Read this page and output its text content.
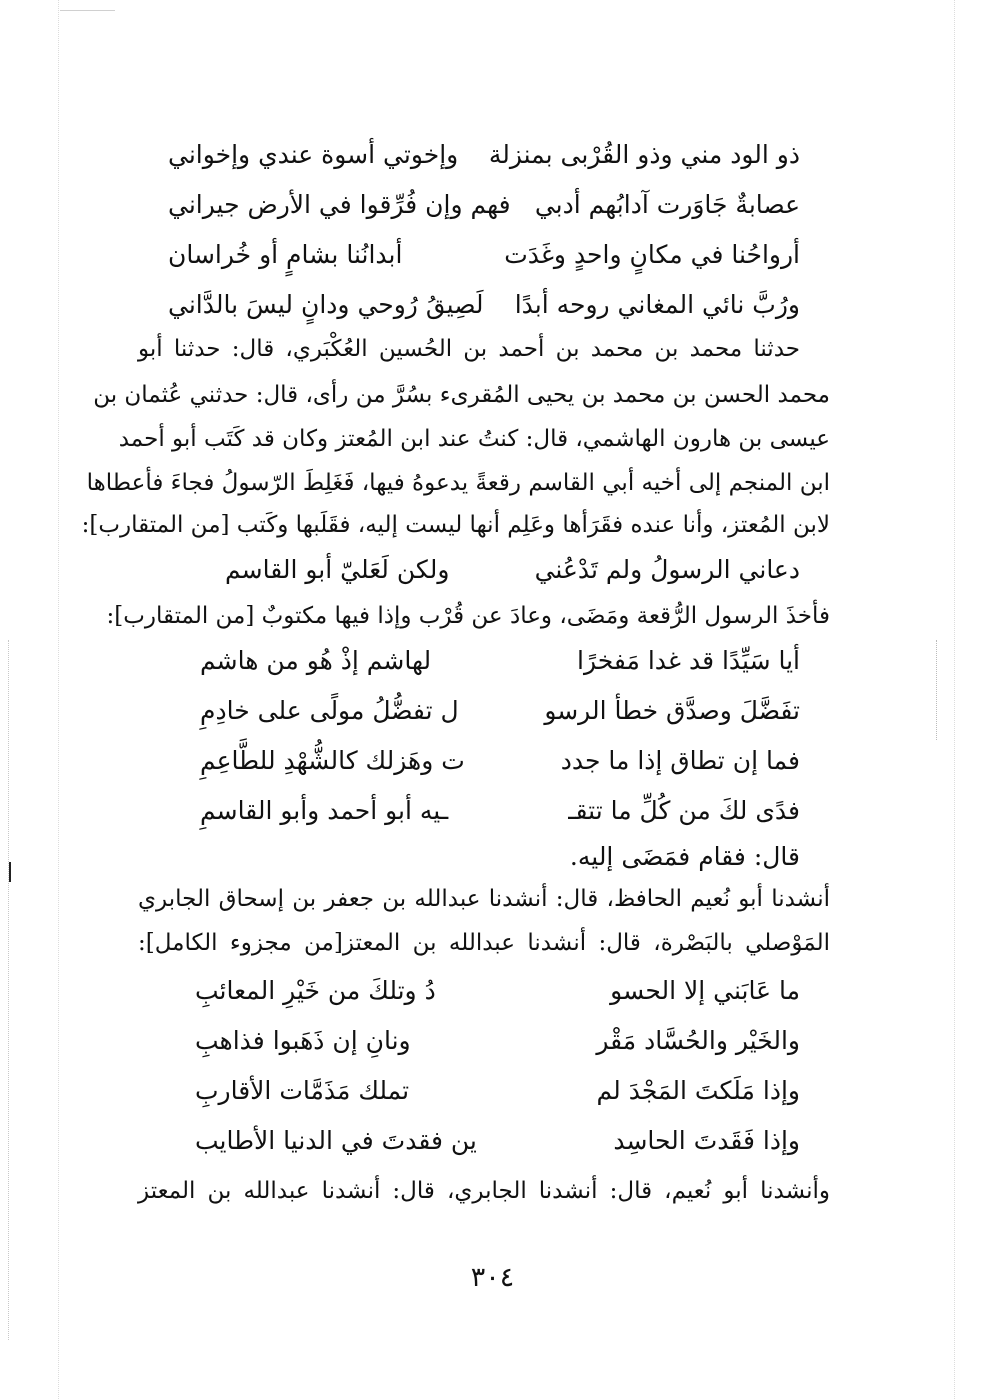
ذو الود مني وذو القُرْبى بمنزلة
وإخوتي أسوة عندي وإخواني
عصابةٌ جَاوَرت آدابُهم أدبي
فهم وإن فُرِّقوا في الأرض جيراني
أرواحُنا في مكانٍ واحدٍ وغَدَت
أبدانُنا بشامٍ أو خُراسان
ورُبَّ نائي المغاني روحه أبدًا
لَصِيقُ رُوحي ودانٍ ليسَ بالدَّاني
حدثنا محمد بن محمد بن أحمد بن الحُسين العُكْبَري، قال: حدثنا أبو
محمد الحسن بن محمد بن يحيى المُقرىء بسُرَّ من رأى، قال: حدثني عُثمان بن
عيسى بن هارون الهاشمي، قال: كنتُ عند ابن المُعتز وكان قد كَتَب أبو أحمد
ابن المنجم إلى أخيه أبي القاسم رقعةً يدعوهُ فيها، فَغَلِطَ الرّسولُ فجاءَ فأعطاها
لابن المُعتز، وأنا عنده فقَرَأها وعَلِم أنها ليست إليه، فقَلَبها وكَتب [من المتقارب]:
دعاني الرسولُ ولم تَدْعُني
ولكن لَعَليّ أبو القاسم
فأخذَ الرسول الرُّقعة ومَضَى، وعادَ عن قُرْب وإذا فيها مكتوبٌ [من المتقارب]:
أيا سَيِّدًا قد غدا مَفخرًا
لهاشم إذْ هُو من هاشم
تفَضَّلَ وصدَّق خطأ الرسو
ل تفضُّلُ مولًى على خادِمِ
فما إن تطاق إذا ما جدد
ت وهَزلك كالشُّهْدِ للطَّاعِمِ
فدًى لكَ من كُلِّ ما تتقـ
ـيه أبو أحمد وأبو القاسمِ
قال: فقام فمَضَى إليه.
أنشدنا أبو نُعيم الحافظ، قال: أنشدنا عبدالله بن جعفر بن إسحاق الجابري
المَوْصلي بالبَصْرة، قال: أنشدنا عبدالله بن المعتز[من مجزوء الكامل]:
ما عَابَني إلا الحسو
دُ وتلكَ من خَيْرِ المعائبِ
والخَيْر والحُسَّاد مَقْر
ونانِ إن ذَهَبوا فذاهبِ
وإذا مَلَكتَ المَجْدَ لم
تملك مَذَمَّات الأقاربِ
وإذا فَقَدتَ الحاسِد
ين فقدتَ في الدنيا الأطايب
وأنشدنا أبو نُعيم، قال: أنشدنا الجابري، قال: أنشدنا عبدالله بن المعتز
٣٠٤
